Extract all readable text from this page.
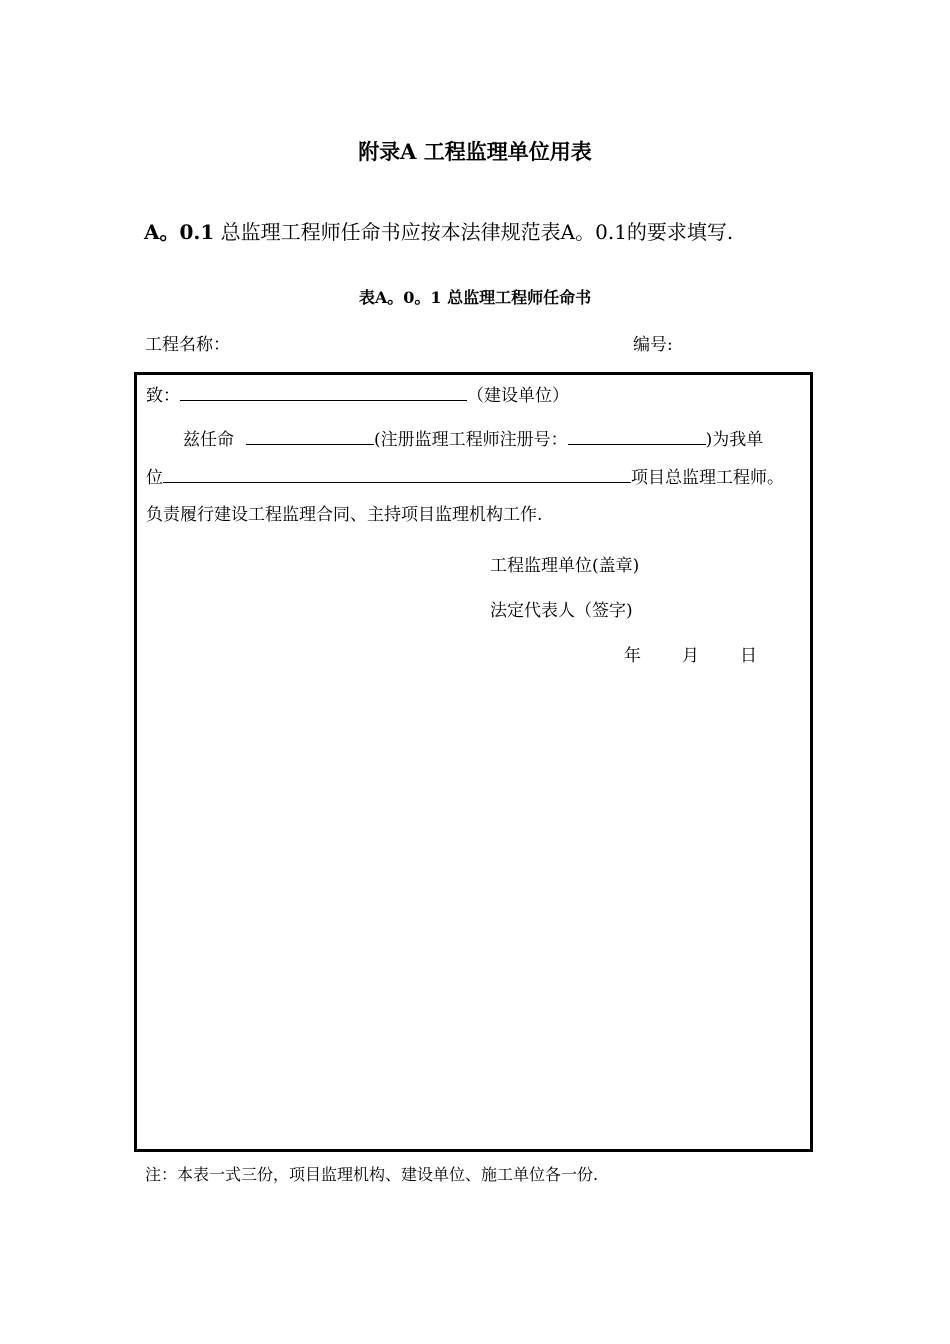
附录A 工程监理单位用表
A。0.1 总监理工程师任命书应按本法律规范表A。0.1的要求填写.
表A。0。1 总监理工程师任命书
工程名称：	编号:
致：	（建设单位）
兹任命	(注册监理工程师注册号：	)为我单
位	项目总监理工程师。
负责履行建设工程监理合同、主持项目监理机构工作.
工程监理单位(盖章)
法定代表人（签字)
年 月 日
注：本表一式三份，项目监理机构、建设单位、施工单位各一份.
